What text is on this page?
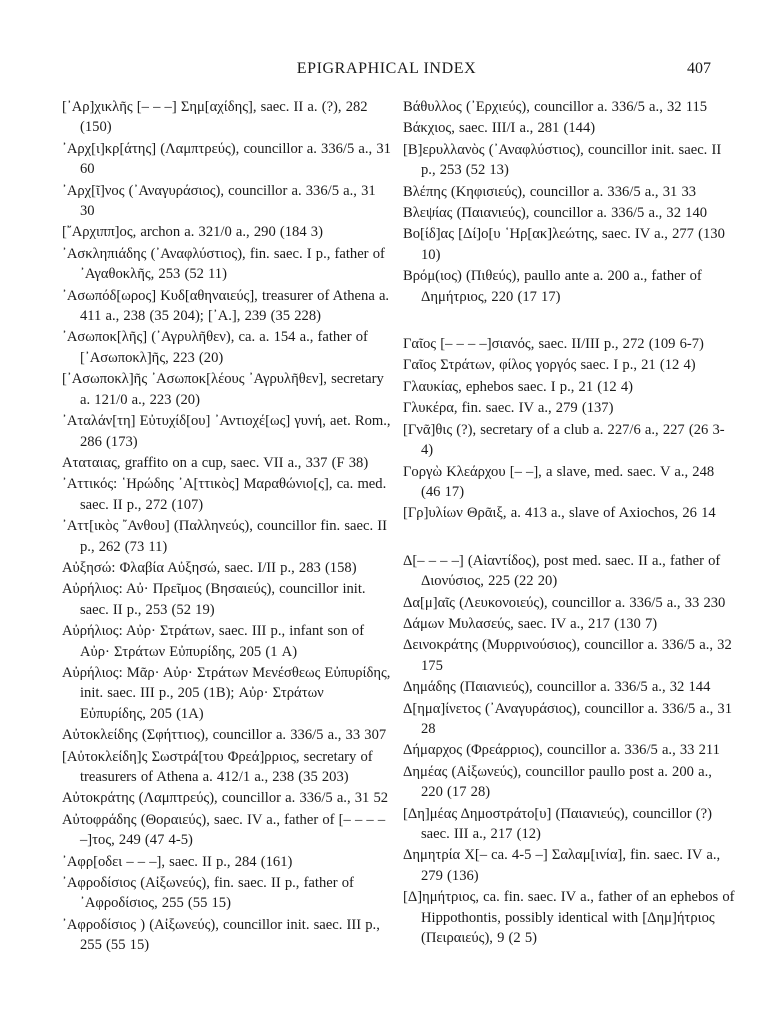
EPIGRAPHICAL INDEX	407

[᾿Αρ]χικλῆς [– – –] Σημ[αχίδης], saec. II a. (?), 282 (150)

᾿Αρχ[ι]κρ[άτης] (Λαμπτρεύς), councillor a. 336/5 a., 31 60

᾿Αρχ[ῖ]νος (᾿Αναγυράσιος), councillor a. 336/5 a., 31 30

[῎Αρχιππ]ος, archon a. 321/0 a., 290 (184 3)

᾿Ασκληπιάδης (᾿Αναφλύστιος), fin. saec. I p., father of ᾿Αγαθοκλῆς, 253 (52 11)

᾿Ασωπόδ[ωρος] Κυδ[αθηναιεύς], treasurer of Athena a. 411 a., 238 (35 204); [᾿Α.], 239 (35 228)

᾿Ασωποκ[λῆς] (᾿Αγρυλῆθεν), ca. a. 154 a., father of [᾿Ασωποκλ]ῆς, 223 (20)

[᾿Ασωποκλ]ῆς ᾿Ασωποκ[λέους ᾿Αγρυλῆθεν], secretary a. 121/0 a., 223 (20)

᾿Αταλάν[τη] Εὐτυχίδ[ου] ᾿Αντιοχέ[ως] γυνή, aet. Rom., 286 (173)

Αταταιας, graffito on a cup, saec. VII a., 337 (F 38)

᾿Αττικός: ῾Ηρώδης ᾿Α[ττικὸς] Μαραθώνιο[ς], ca. med. saec. II p., 272 (107)

᾿Αττ[ικὸς ῎Ανθου] (Παλληνεύς), councillor fin. saec. II p., 262 (73 11)

Αὐξησώ: Φλαβία Αὐξησώ, saec. I/II p., 283 (158)

Αὐρήλιος: Αὐ· Πρεῖμος (Βησαιεύς), councillor init. saec. II p., 253 (52 19)

Αὐρήλιος: Αὐρ· Στράτων, saec. III p., infant son of Αὐρ· Στράτων Εὐπυρίδης, 205 (1 A)

Αὐρήλιος: Μᾶρ· Αὐρ· Στράτων Μενέσθεως Εὐπυρίδης, init. saec. III p., 205 (1B); Αὐρ· Στράτων Εὐπυρίδης, 205 (1A)

Αὐτοκλείδης (Σφήττιος), councillor a. 336/5 a., 33 307

[Αὐτοκλείδη]ς Σωστρά[του Φρεά]ρριος, secretary of treasurers of Athena a. 412/1 a., 238 (35 203)

Αὐτοκράτης (Λαμπτρεύς), councillor a. 336/5 a., 31 52

Αὐτοφράδης (Θοραιεύς), saec. IV a., father of [– – – – –]τος, 249 (47 4-5)

᾿Αφρ[οδει – – –], saec. II p., 284 (161)

᾿Αφροδίσιος (Αἰξωνεύς), fin. saec. II p., father of ᾿Αφροδίσιος, 255 (55 15)

᾿Αφροδίσιος ) (Αἰξωνεύς), councillor init. saec. III p., 255 (55 15)

Βάθυλλος (᾿Ερχιεύς), councillor a. 336/5 a., 32 115

Βάκχιος, saec. III/I a., 281 (144)

[Β]ερυλλανὸς (᾿Αναφλύστιος), councillor init. saec. II p., 253 (52 13)

Βλέπης (Κηφισιεύς), councillor a. 336/5 a., 31 33

Βλεψίας (Παιανιεύς), councillor a. 336/5 a., 32 140

Βο[ίδ]ας [Δί]ο[υ ῾Ηρ[ακ]λεώτης, saec. IV a., 277 (130 10)

Βρόμ(ιος) (Πιθεύς), paullo ante a. 200 a., father of Δημήτριος, 220 (17 17)

Γαῖος [– – – –]σιανός, saec. II/III p., 272 (109 6-7)

Γαῖος Στράτων, φίλος γοργός saec. I p., 21 (12 4)

Γλαυκίας, ephebos saec. I p., 21 (12 4)

Γλυκέρα, fin. saec. IV a., 279 (137)

[Γνᾶ]θις (?), secretary of a club a. 227/6 a., 227 (26 3-4)

Γοργὼ Κλεάρχου [– –], a slave, med. saec. V a., 248 (46 17)

[Γρ]υλίων Θρᾶιξ, a. 413 a., slave of Axiochos, 26 14

Δ[– – – –] (Αἰαντίδος), post med. saec. II a., father of Διονύσιος, 225 (22 20)

Δα[μ]αῖς (Λευκονοιεύς), councillor a. 336/5 a., 33 230

Δάμων Μυλασεύς, saec. IV a., 217 (130 7)

Δεινοκράτης (Μυρρινούσιος), councillor a. 336/5 a., 32 175

Δημάδης (Παιανιεύς), councillor a. 336/5 a., 32 144

Δ[ημα]ίνετος (᾿Αναγυράσιος), councillor a. 336/5 a., 31 28

Δήμαρχος (Φρεάρριος), councillor a. 336/5 a., 33 211

Δημέας (Αἰξωνεύς), councillor paullo post a. 200 a., 220 (17 28)

[Δη]μέας Δημοστράτο[υ] (Παιανιεύς), councillor (?) saec. III a., 217 (12)

Δημητρία Χ[– ca. 4-5 –] Σαλαμ[ινία], fin. saec. IV a., 279 (136)

[Δ]ημήτριος, ca. fin. saec. IV a., father of an ephebos of Hippothontis, possibly identical with [Δημ]ήτριος (Πειραιεύς), 9 (2 5)
